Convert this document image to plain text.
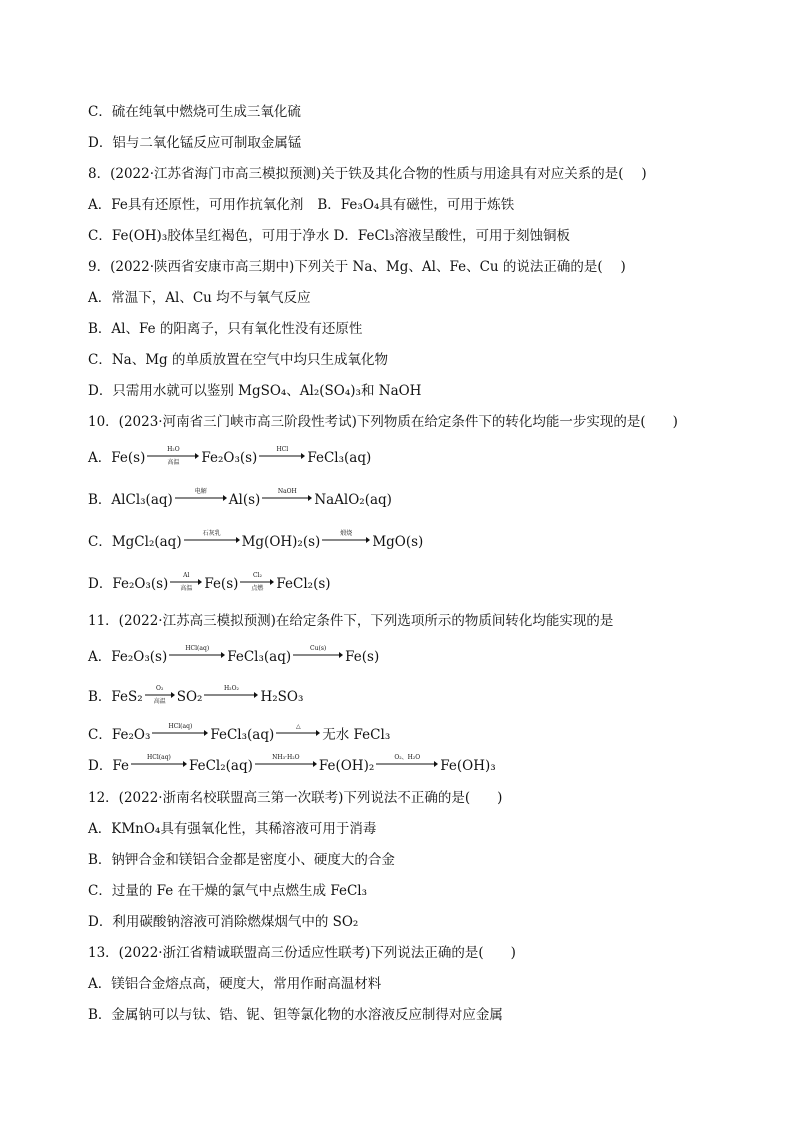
C．硫在纯氧中燃烧可生成三氧化硫
D．铝与二氧化锰反应可制取金属锰
8．(2022·江苏省海门市高三模拟预测)关于铁及其化合物的性质与用途具有对应关系的是(　 )
A．Fe具有还原性，可用作抗氧化剂 B．Fe₃O₄具有磁性，可用于炼铁
C．Fe(OH)₃胶体呈红褐色，可用于净水 D．FeCl₃溶液呈酸性，可用于刻蚀铜板
9．(2022·陕西省安康市高三期中)下列关于 Na、Mg、Al、Fe、Cu 的说法正确的是(　 )
A．常温下，Al、Cu 均不与氧气反应
B．Al、Fe 的阳离子，只有氧化性没有还原性
C．Na、Mg 的单质放置在空气中均只生成氧化物
D．只需用水就可以鉴别 MgSO₄、Al₂(SO₄)₃和 NaOH
10．(2023·河南省三门峡市高三阶段性考试)下列物质在给定条件下的转化均能一步实现的是(　　)
A． Fe(s)
H₂O
高温 Fe₂O₃(s)
HCl
FeCl₃(aq)
B． AlCl₃(aq)
电解
Al(s)
NaOH
NaAlO₂(aq)
C． MgCl₂(aq)
石灰乳
Mg(OH)₂(s)
煅烧
MgO(s)
D． Fe₂O₃(s)
Al
高温 Fe(s)
Cl₂
点燃 FeCl₂(s)
11．(2022·江苏高三模拟预测)在给定条件下，下列选项所示的物质间转化均能实现的是
A． Fe₂O₃(s)
HCl(aq)
FeCl₃(aq)
Cu(s)
Fe(s)
B． FeS₂
O₂
高温 SO₂
H₂O₂
H₂SO₃
C． Fe₂O₃
HCl(aq)
FeCl₃(aq)
△
无水 FeCl₃
D． Fe
HCl(aq)
FeCl₂(aq)
NH₃·H₂O
Fe(OH)₂
O₂、H₂O
Fe(OH)₃
12．(2022·浙南名校联盟高三第一次联考)下列说法不正确的是(　　)
A．KMnO₄具有强氧化性，其稀溶液可用于消毒
B．钠钾合金和镁铝合金都是密度小、硬度大的合金
C．过量的 Fe 在干燥的氯气中点燃生成 FeCl₃
D．利用碳酸钠溶液可消除燃煤烟气中的 SO₂
13．(2022·浙江省精诚联盟高三份适应性联考)下列说法正确的是(　　)
A．镁铝合金熔点高，硬度大，常用作耐高温材料
B．金属钠可以与钛、锆、铌、钽等氯化物的水溶液反应制得对应金属
